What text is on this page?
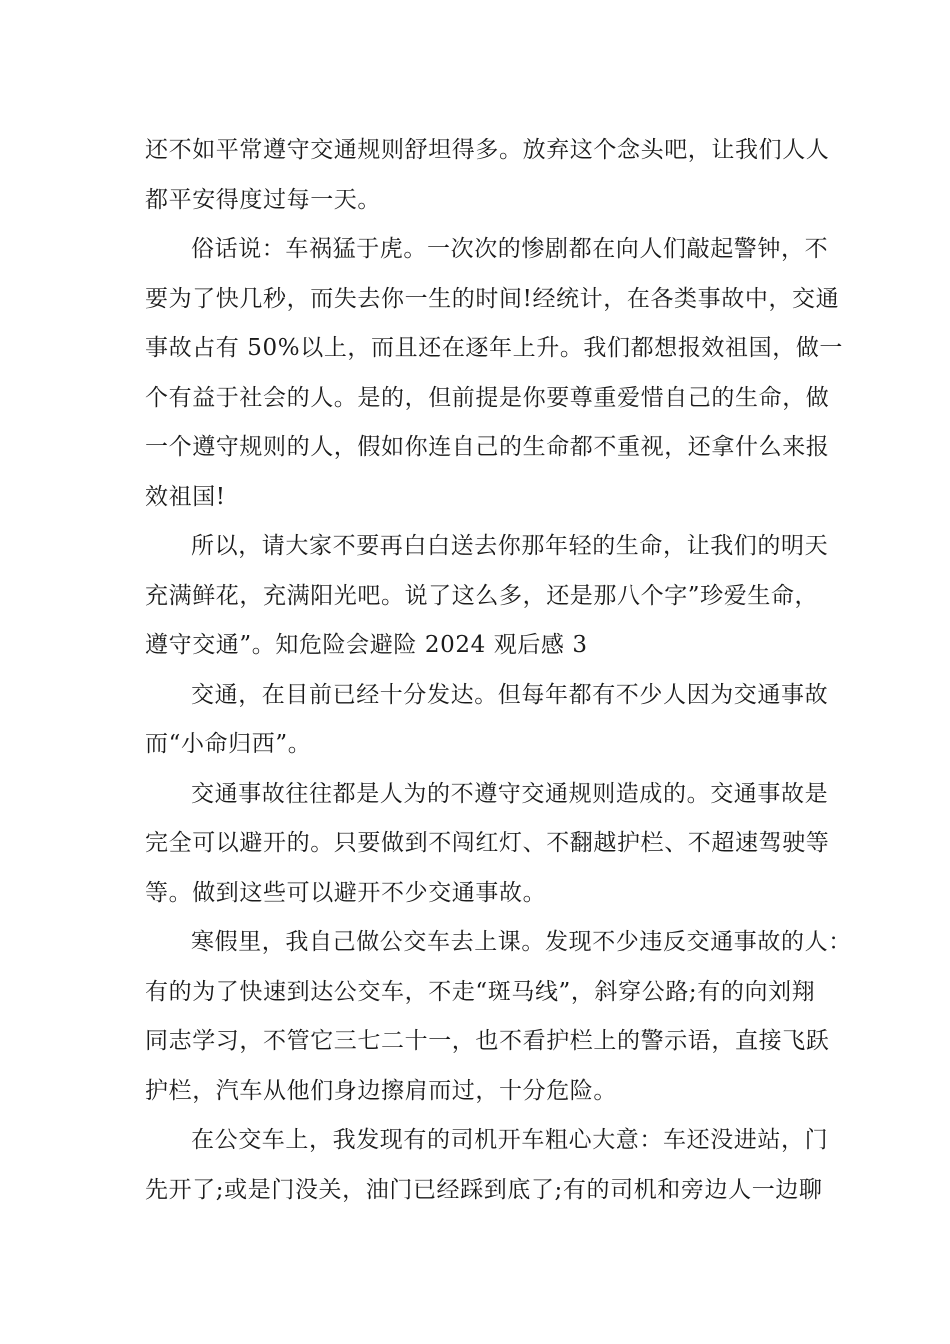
还不如平常遵守交通规则舒坦得多。放弃这个念头吧，让我们人人
都平安得度过每一天。
俗话说：车祸猛于虎。一次次的惨剧都在向人们敲起警钟，不
要为了快几秒，而失去你一生的时间!经统计，在各类事故中，交通
事故占有 50%以上，而且还在逐年上升。我们都想报效祖国，做一
个有益于社会的人。是的，但前提是你要尊重爱惜自己的生命，做
一个遵守规则的人，假如你连自己的生命都不重视，还拿什么来报
效祖国!
所以，请大家不要再白白送去你那年轻的生命，让我们的明天
充满鲜花，充满阳光吧。说了这么多，还是那八个字”珍爱生命，
遵守交通”。知危险会避险 2024 观后感 3
交通，在目前已经十分发达。但每年都有不少人因为交通事故
而“小命归西”。
交通事故往往都是人为的不遵守交通规则造成的。交通事故是
完全可以避开的。只要做到不闯红灯、不翻越护栏、不超速驾驶等
等。做到这些可以避开不少交通事故。
寒假里，我自己做公交车去上课。发现不少违反交通事故的人：
有的为了快速到达公交车，不走“斑马线”，斜穿公路;有的向刘翔
同志学习，不管它三七二十一，也不看护栏上的警示语，直接飞跃
护栏，汽车从他们身边擦肩而过，十分危险。
在公交车上，我发现有的司机开车粗心大意：车还没进站，门
先开了;或是门没关，油门已经踩到底了;有的司机和旁边人一边聊
